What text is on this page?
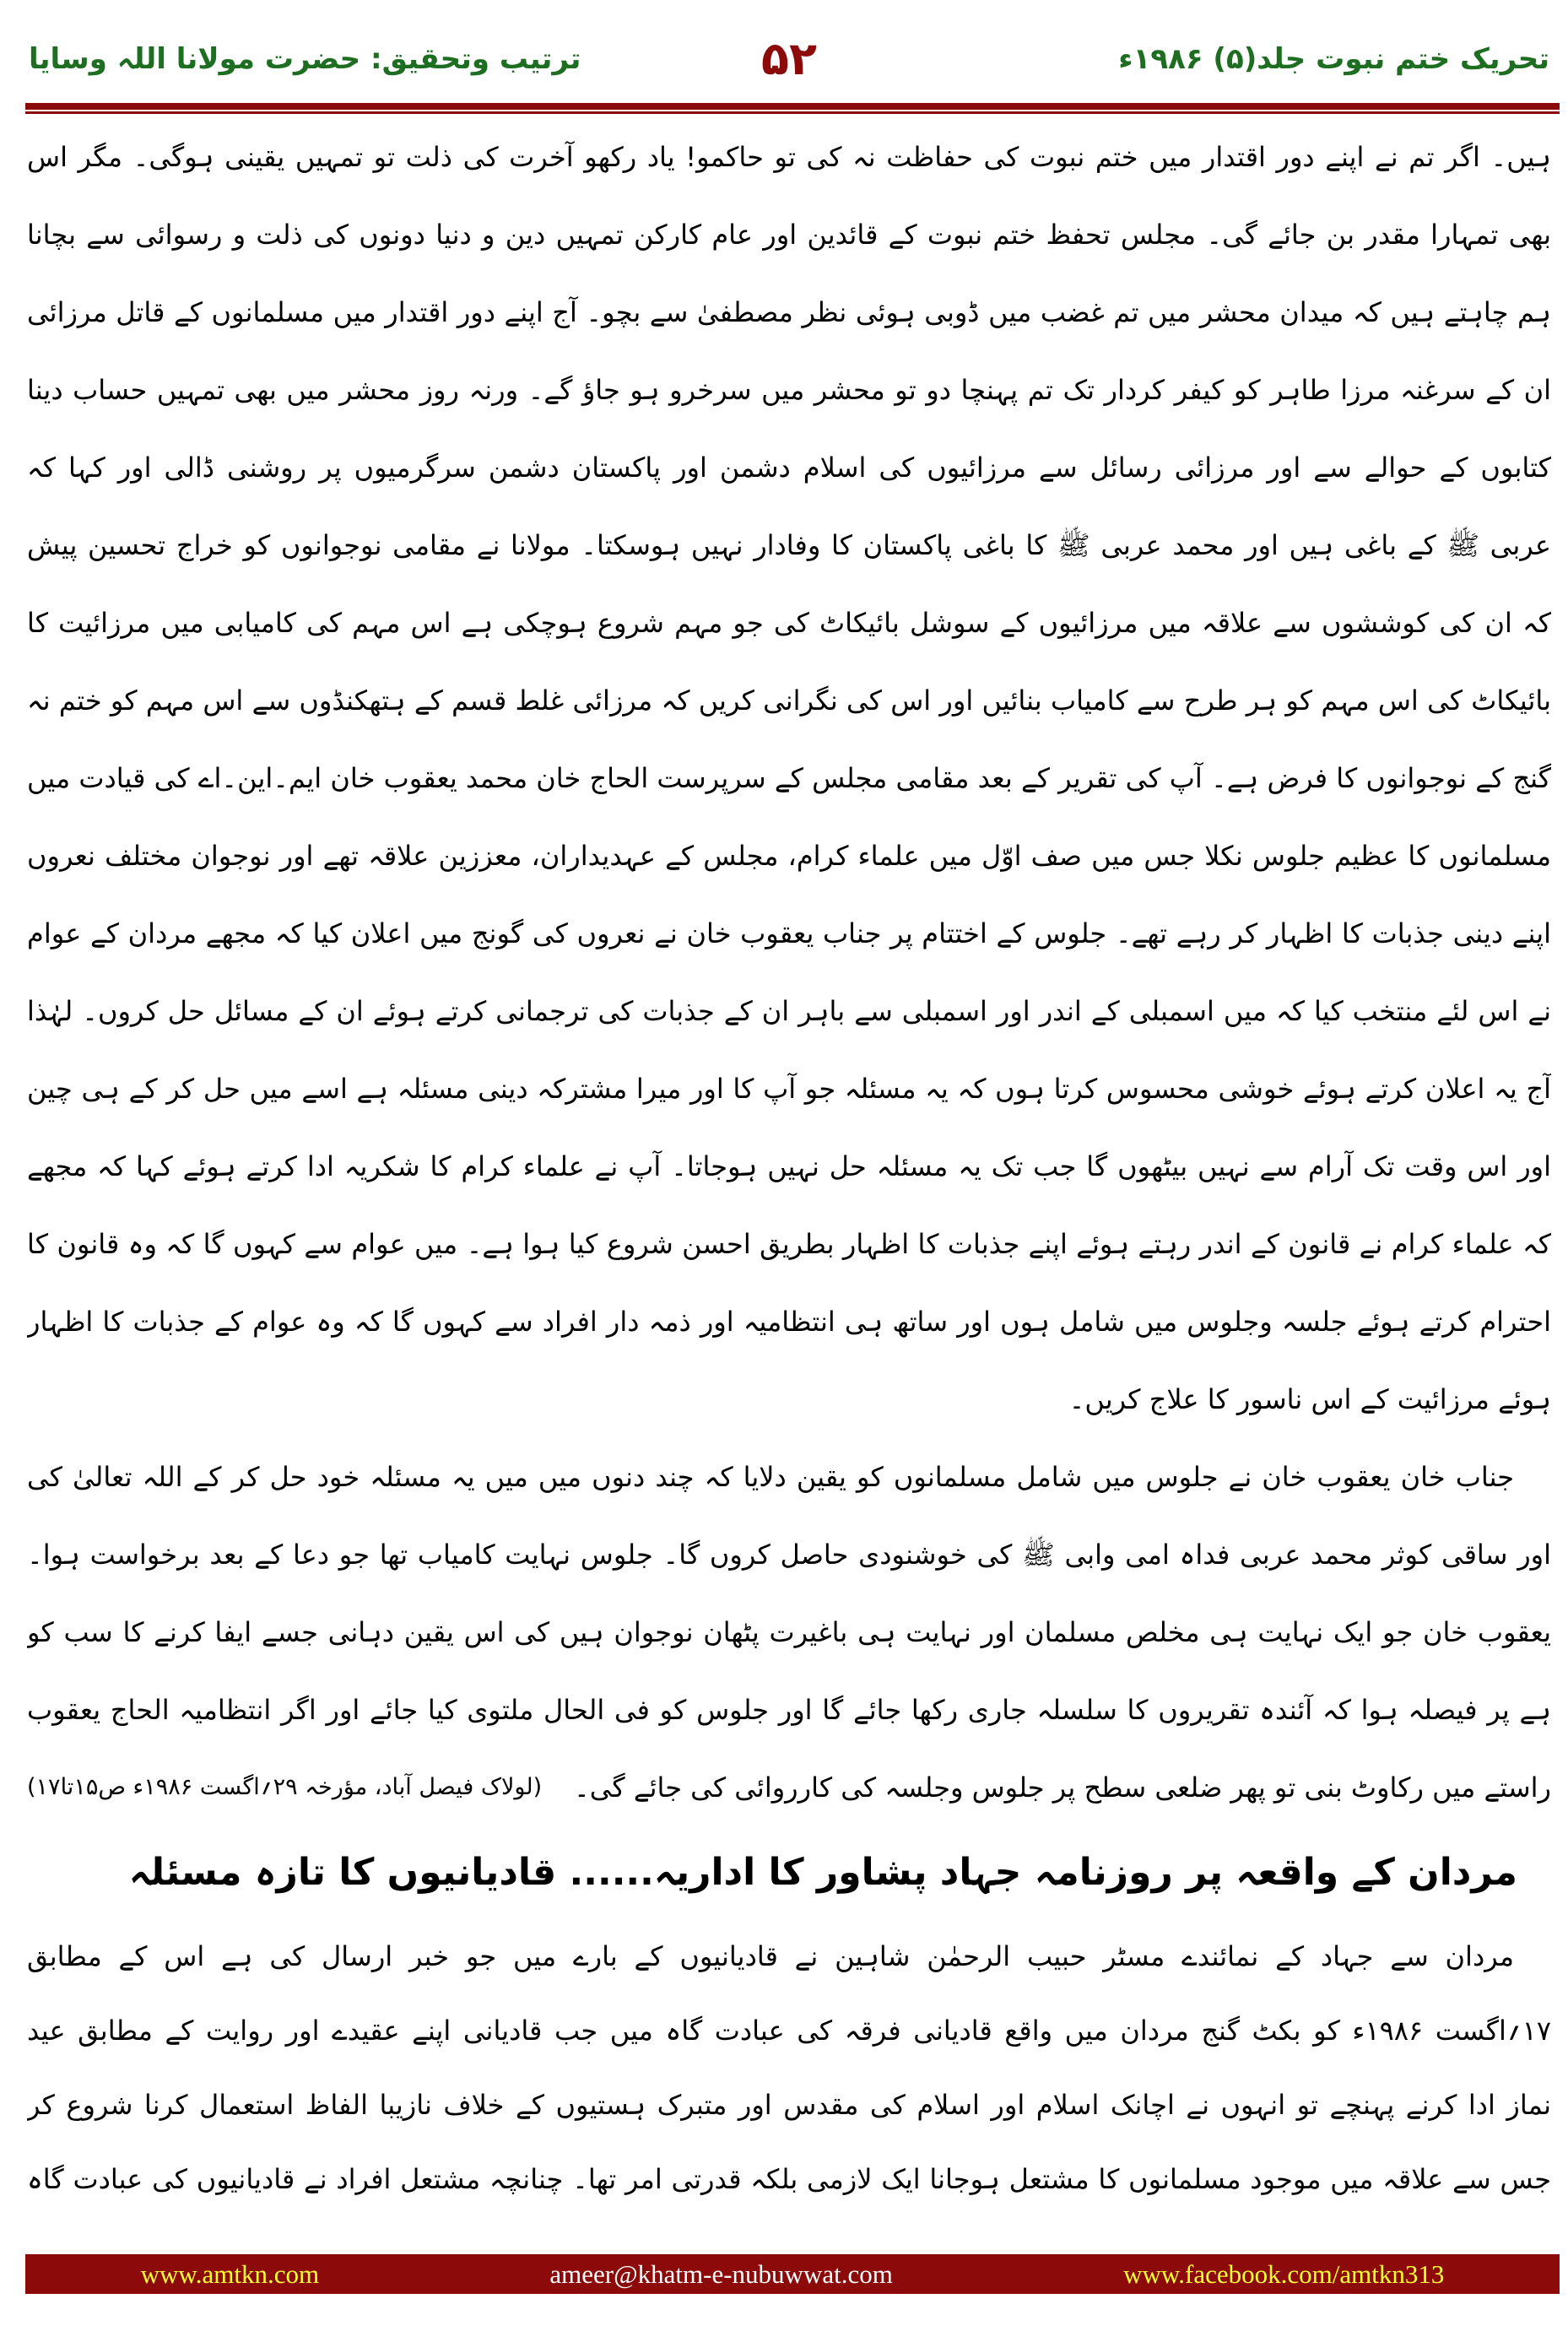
تحریک ختم نبوت جلد(۵) ۱۹۸۶ء
۵۲
ترتیب وتحقیق: حضرت مولانا اللہ وسایا
ہیں۔ اگر تم نے اپنے دور اقتدار میں ختم نبوت کی حفاظت نہ کی تو حاکمو! یاد رکھو آخرت کی ذلت تو تمہیں یقینی ہوگی۔ مگر اس
بھی تمہارا مقدر بن جائے گی۔ مجلس تحفظ ختم نبوت کے قائدین اور عام کارکن تمہیں دین و دنیا دونوں کی ذلت و رسوائی سے بچانا
ہم چاہتے ہیں کہ میدان محشر میں تم غضب میں ڈوبی ہوئی نظر مصطفیٰ سے بچو۔ آج اپنے دور اقتدار میں مسلمانوں کے قاتل مرزائی
ان کے سرغنہ مرزا طاہر کو کیفر کردار تک تم پہنچا دو تو محشر میں سرخرو ہو جاؤ گے۔ ورنہ روز محشر میں بھی تمہیں حساب دینا
کتابوں کے حوالے سے اور مرزائی رسائل سے مرزائیوں کی اسلام دشمن اور پاکستان دشمن سرگرمیوں پر روشنی ڈالی اور کہا کہ
عربی ﷺ کے باغی ہیں اور محمد عربی ﷺ کا باغی پاکستان کا وفادار نہیں ہوسکتا۔ مولانا نے مقامی نوجوانوں کو خراج تحسین پیش
کہ ان کی کوششوں سے علاقہ میں مرزائیوں کے سوشل بائیکاٹ کی جو مہم شروع ہوچکی ہے اس مہم کی کامیابی میں مرزائیت کا
بائیکاٹ کی اس مہم کو ہر طرح سے کامیاب بنائیں اور اس کی نگرانی کریں کہ مرزائی غلط قسم کے ہتھکنڈوں سے اس مہم کو ختم نہ
گنج کے نوجوانوں کا فرض ہے۔ آپ کی تقریر کے بعد مقامی مجلس کے سرپرست الحاج خان محمد یعقوب خان ایم۔این۔اے کی قیادت میں
مسلمانوں کا عظیم جلوس نکلا جس میں صف اوّل میں علماء کرام، مجلس کے عہدیداران، معززین علاقہ تھے اور نوجوان مختلف نعروں
اپنے دینی جذبات کا اظہار کر رہے تھے۔ جلوس کے اختتام پر جناب یعقوب خان نے نعروں کی گونج میں اعلان کیا کہ مجھے مردان کے عوام
نے اس لئے منتخب کیا کہ میں اسمبلی کے اندر اور اسمبلی سے باہر ان کے جذبات کی ترجمانی کرتے ہوئے ان کے مسائل حل کروں۔ لہٰذا
آج یہ اعلان کرتے ہوئے خوشی محسوس کرتا ہوں کہ یہ مسئلہ جو آپ کا اور میرا مشترکہ دینی مسئلہ ہے اسے میں حل کر کے ہی چین
اور اس وقت تک آرام سے نہیں بیٹھوں گا جب تک یہ مسئلہ حل نہیں ہوجاتا۔ آپ نے علماء کرام کا شکریہ ادا کرتے ہوئے کہا کہ مجھے
کہ علماء کرام نے قانون کے اندر رہتے ہوئے اپنے جذبات کا اظہار بطریق احسن شروع کیا ہوا ہے۔ میں عوام سے کہوں گا کہ وہ قانون کا
احترام کرتے ہوئے جلسہ وجلوس میں شامل ہوں اور ساتھ ہی انتظامیہ اور ذمہ دار افراد سے کہوں گا کہ وہ عوام کے جذبات کا اظہار
ہوئے مرزائیت کے اس ناسور کا علاج کریں۔
جناب خان یعقوب خان نے جلوس میں شامل مسلمانوں کو یقین دلایا کہ چند دنوں میں میں یہ مسئلہ خود حل کر کے اللہ تعالیٰ کی
اور ساقی کوثر محمد عربی فداہ امی وابی ﷺ کی خوشنودی حاصل کروں گا۔ جلوس نہایت کامیاب تھا جو دعا کے بعد برخواست ہوا۔
یعقوب خان جو ایک نہایت ہی مخلص مسلمان اور نہایت ہی باغیرت پٹھان نوجوان ہیں کی اس یقین دہانی جسے ایفا کرنے کا سب کو
ہے پر فیصلہ ہوا کہ آئندہ تقریروں کا سلسلہ جاری رکھا جائے گا اور جلوس کو فی الحال ملتوی کیا جائے اور اگر انتظامیہ الحاج یعقوب
راستے میں رکاوٹ بنی تو پھر ضلعی سطح پر جلوس وجلسہ کی کارروائی کی جائے گی۔
(لولاک فیصل آباد، مؤرخہ ۲۹؍اگست ۱۹۸۶ء ص۱۵تا۱۷)
مردان کے واقعہ پر روزنامہ جہاد پشاور کا اداریہ...... قادیانیوں کا تازہ مسئلہ
مردان سے جہاد کے نمائندے مسٹر حبیب الرحمٰن شاہین نے قادیانیوں کے بارے میں جو خبر ارسال کی ہے اس کے مطابق
۱۷؍اگست ۱۹۸۶ء کو بکٹ گنج مردان میں واقع قادیانی فرقہ کی عبادت گاہ میں جب قادیانی اپنے عقیدے اور روایت کے مطابق عید
نماز ادا کرنے پہنچے تو انہوں نے اچانک اسلام اور اسلام کی مقدس اور متبرک ہستیوں کے خلاف نازیبا الفاظ استعمال کرنا شروع کر
جس سے علاقہ میں موجود مسلمانوں کا مشتعل ہوجانا ایک لازمی بلکہ قدرتی امر تھا۔ چنانچہ مشتعل افراد نے قادیانیوں کی عبادت گاہ
www.amtkn.com	ameer@khatm-e-nubuwwat.com	www.facebook.com/amtkn313
